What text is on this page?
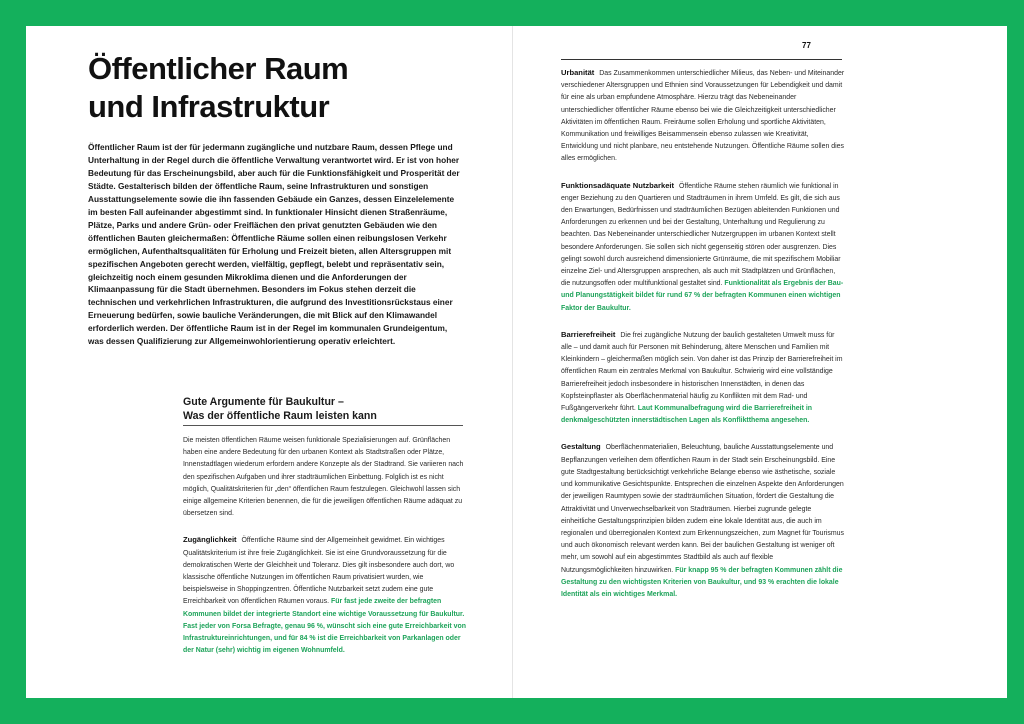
Öffentlicher Raum
und Infrastruktur

Öffentlicher Raum ist der für jedermann zugängliche und nutzbare Raum, dessen Pflege und Unterhaltung in der Regel durch die öffentliche Verwaltung verantwortet wird. Er ist von hoher Bedeutung für das Erscheinungsbild, aber auch für die Funktionsfähigkeit und Prosperität der Städte. Gestalterisch bilden der öffentliche Raum, seine Infrastrukturen und sonstigen Ausstattungselemente sowie die ihn fassenden Gebäude ein Ganzes, dessen Einzelelemente im besten Fall aufeinander abgestimmt sind. In funktionaler Hinsicht dienen Straßenräume, Plätze, Parks und andere Grün- oder Freiflächen den privat genutzten Gebäuden wie den öffentlichen Bauten gleichermaßen: Öffentliche Räume sollen einen reibungslosen Verkehr ermöglichen, Aufenthaltsqualitäten für Erholung und Freizeit bieten, allen Altersgruppen mit spezifischen Angeboten gerecht werden, vielfältig, gepflegt, belebt und repräsentativ sein, gleichzeitig noch einem gesunden Mikroklima dienen und die Anforderungen der Klimaanpassung für die Stadt übernehmen. Besonders im Fokus stehen derzeit die technischen und verkehrlichen Infrastrukturen, die aufgrund des Investitionsrückstaus einer Erneuerung bedürfen, sowie bauliche Veränderungen, die mit Blick auf den Klimawandel erforderlich werden. Der öffentliche Raum ist in der Regel im kommunalen Grundeigentum, was dessen Qualifizierung zur Allgemeinwohlorientierung operativ erleichtert.

Gute Argumente für Baukultur –
Was der öffentliche Raum leisten kann

Die meisten öffentlichen Räume weisen funktionale Spezialisierungen auf. Grünflächen haben eine andere Bedeutung für den urbanen Kontext als Stadtstraßen oder Plätze, Innenstadtlagen wiederum erfordern andere Konzepte als der Stadtrand. Sie variieren nach den spezifischen Aufgaben und ihrer stadträumlichen Einbettung. Folglich ist es nicht möglich, Qualitätskriterien für „den“ öffentlichen Raum festzulegen. Gleichwohl lassen sich einige allgemeine Kriterien benennen, die für die jeweiligen öffentlichen Räume adäquat zu übersetzen sind.

Zugänglichkeit Öffentliche Räume sind der Allgemeinheit gewidmet. Ein wichtiges Qualitätskriterium ist ihre freie Zugänglichkeit. Sie ist eine Grundvoraussetzung für die demokratischen Werte der Gleichheit und Toleranz. Dies gilt insbesondere auch dort, wo klassische öffentliche Nutzungen im öffentlichen Raum privatisiert wurden, wie beispielsweise in Shoppingzentren. Öffentliche Nutzbarkeit setzt zudem eine gute Erreichbarkeit von öffentlichen Räumen voraus. Für fast jede zweite der befragten Kommunen bildet der integrierte Standort eine wichtige Voraussetzung für Baukultur. Fast jeder von Forsa Befragte, genau 96 %, wünscht sich eine gute Erreichbarkeit von Infrastruktureinrichtungen, und für 84 % ist die Erreichbarkeit von Parkanlagen oder der Natur (sehr) wichtig im eigenen Wohnumfeld.

77

Urbanität Das Zusammenkommen unterschiedlicher Milieus, das Neben- und Miteinander verschiedener Altersgruppen und Ethnien sind Voraussetzungen für Lebendigkeit und damit für eine als urban empfundene Atmosphäre. Hierzu trägt das Nebeneinander unterschiedlicher öffentlicher Räume ebenso bei wie die Gleichzeitigkeit unterschiedlicher Aktivitäten im öffentlichen Raum. Freiräume sollen Erholung und sportliche Aktivitäten, Kommunikation und freiwilliges Beisammensein ebenso zulassen wie Kreativität, Entwicklung und nicht planbare, neu entstehende Nutzungen. Öffentliche Räume sollen dies alles ermöglichen.

Funktionsadäquate Nutzbarkeit Öffentliche Räume stehen räumlich wie funktional in enger Beziehung zu den Quartieren und Stadträumen in ihrem Umfeld. Es gilt, die sich aus den Erwartungen, Bedürfnissen und stadträumlichen Bezügen ableitenden Funktionen und Anforderungen zu erkennen und bei der Gestaltung, Unterhaltung und Regulierung zu beachten. Das Nebeneinander unterschiedlicher Nutzergruppen im urbanen Kontext stellt besondere Anforderungen. Sie sollen sich nicht gegenseitig stören oder ausgrenzen. Dies gelingt sowohl durch ausreichend dimensionierte Grünräume, die mit spezifischem Mobiliar einzelne Ziel- und Altersgruppen ansprechen, als auch mit Stadtplätzen und Grünflächen, die nutzungsoffen oder multifunktional gestaltet sind. Funktionalität als Ergebnis der Bau- und Planungstätigkeit bildet für rund 67 % der befragten Kommunen einen wichtigen Faktor der Baukultur.

Barrierefreiheit Die frei zugängliche Nutzung der baulich gestalteten Umwelt muss für alle – und damit auch für Personen mit Behinderung, ältere Menschen und Familien mit Kleinkindern – gleichermaßen möglich sein. Von daher ist das Prinzip der Barrierefreiheit im öffentlichen Raum ein zentrales Merkmal von Baukultur. Schwierig wird eine vollständige Barrierefreiheit jedoch insbesondere in historischen Innenstädten, in denen das Kopfsteinpflaster als Oberflächenmaterial häufig zu Konflikten mit dem Rad- und Fußgängerverkehr führt. Laut Kommunalbefragung wird die Barrierefreiheit in denkmalgeschützten innerstädtischen Lagen als Konfliktthema angesehen.

Gestaltung Oberflächenmaterialien, Beleuchtung, bauliche Ausstattungselemente und Bepflanzungen verleihen dem öffentlichen Raum in der Stadt sein Erscheinungsbild. Eine gute Stadtgestaltung berücksichtigt verkehrliche Belange ebenso wie ästhetische, soziale und kommunikative Gesichtspunkte. Entsprechen die einzelnen Aspekte den Anforderungen der jeweiligen Raumtypen sowie der stadträumlichen Situation, fördert die Gestaltung die Attraktivität und Unverwechselbarkeit von Stadträumen. Hierbei zugrunde gelegte einheitliche Gestaltungsprinzipien bilden zudem eine lokale Identität aus, die auch im regionalen und überregionalen Kontext zum Erkennungszeichen, zum Magnet für Tourismus und auch ökonomisch relevant werden kann. Bei der baulichen Gestaltung ist weniger oft mehr, um sowohl auf ein abgestimmtes Stadtbild als auch auf flexible Nutzungsmöglichkeiten hinzuwirken. Für knapp 95 % der befragten Kommunen zählt die Gestaltung zu den wichtigsten Kriterien von Baukultur, und 93 % erachten die lokale Identität als ein wichtiges Merkmal.
